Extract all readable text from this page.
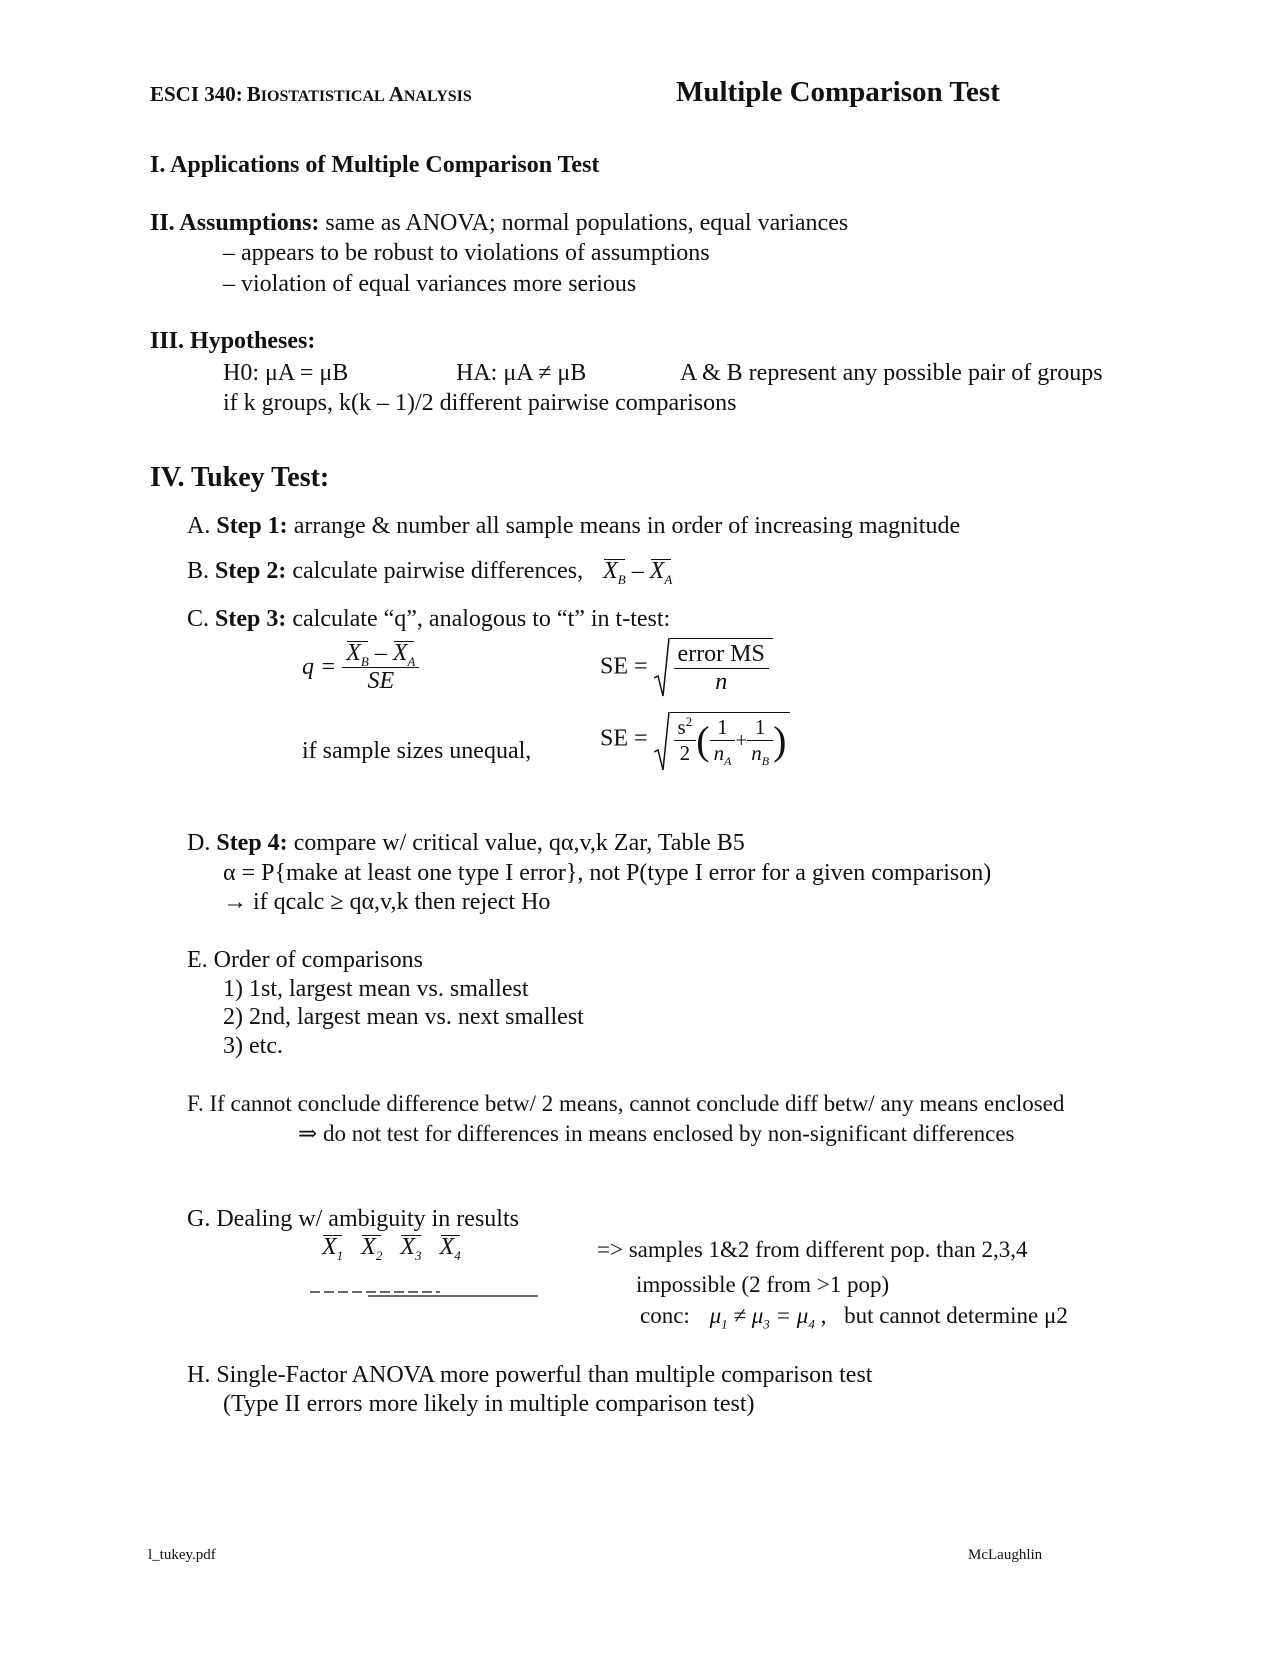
ESCI 340: BIOSTATISTICAL ANALYSIS	Multiple Comparison Test
I. Applications of Multiple Comparison Test
II. Assumptions: same as ANOVA; normal populations, equal variances
– appears to be robust to violations of assumptions
– violation of equal variances more serious
III. Hypotheses:
H0: μA = μB	HA: μA ≠ μB	A & B represent any possible pair of groups
if k groups, k(k – 1)/2 different pairwise comparisons
IV. Tukey Test:
A. Step 1: arrange & number all sample means in order of increasing magnitude
B. Step 2: calculate pairwise differences, $X_B - X_A$
C. Step 3: calculate “q”, analogous to “t” in t-test:
$q = \frac{X_B - X_A}{SE}$	SE = $\frac{\text{error MS}}{n}$
if sample sizes unequal,	SE = $\frac{s^2}{2}$ ( $\frac{1}{n_A} + \frac{1}{n_B}$ )
D. Step 4: compare w/ critical value, qα,v,k Zar, Table B5
α = P{make at least one type I error}, not P(type I error for a given comparison)
→ if qcalc ≥ qα,v,k then reject Ho
E. Order of comparisons
1) 1st, largest mean vs. smallest
2) 2nd, largest mean vs. next smallest
3) etc.
F. If cannot conclude difference betw/ 2 means, cannot conclude diff betw/ any means enclosed
⇒ do not test for differences in means enclosed by non-significant differences
G. Dealing w/ ambiguity in results
$X_1$ $X_2$ $X_3$ $X_4$	=> samples 1&2 from different pop. than 2,3,4
impossible (2 from >1 pop)
conc: $\mu_1 \ne \mu_3 = \mu_4$ , but cannot determine μ2
H. Single-Factor ANOVA more powerful than multiple comparison test
(Type II errors more likely in multiple comparison test)
l_tukey.pdf	McLaughlin
